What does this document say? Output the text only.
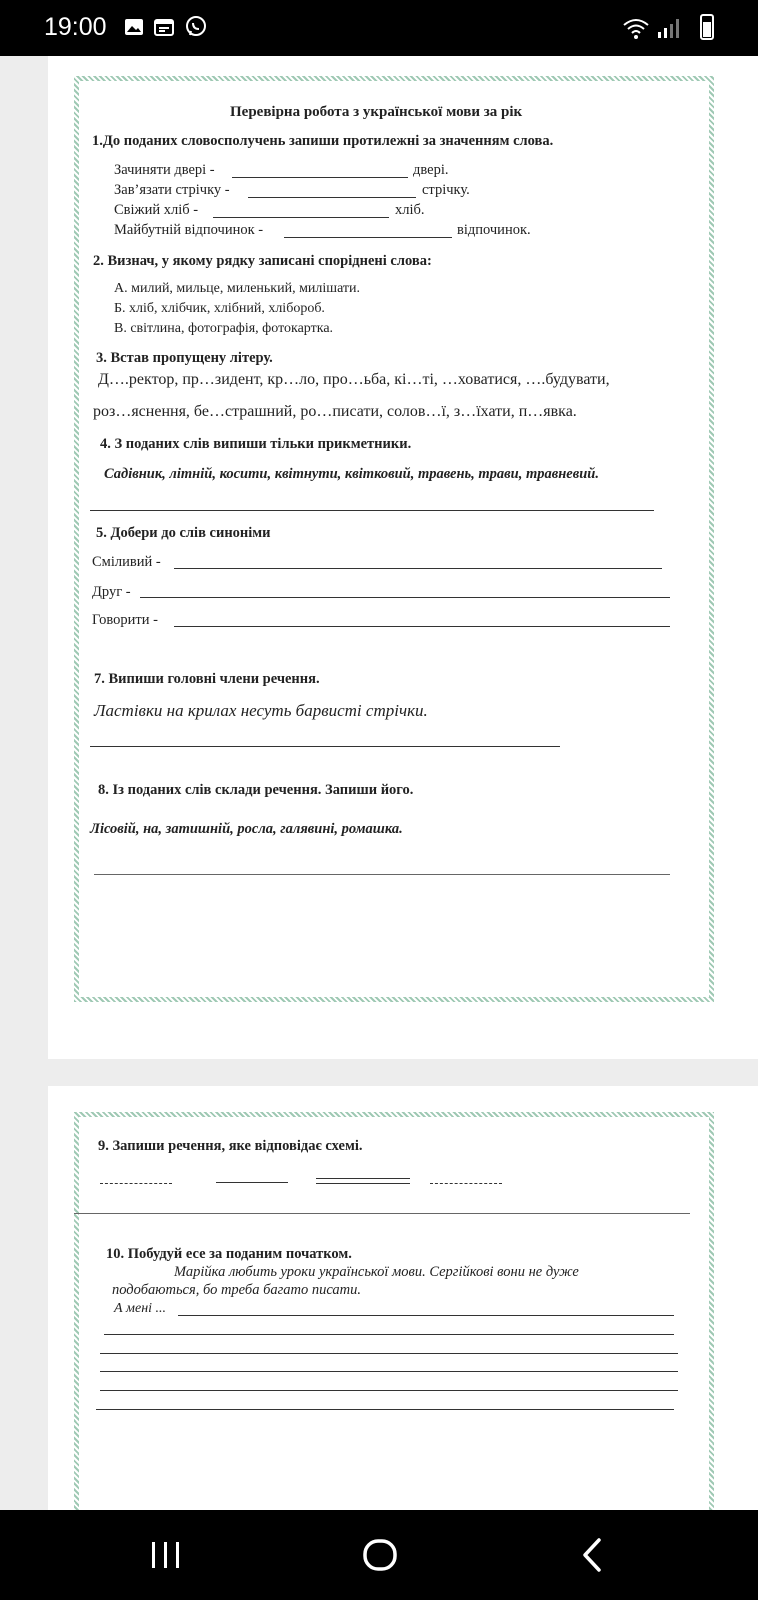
19:00
Перевірна робота з української мови за рік
1.До поданих словосполучень запиши протилежні за значенням слова.
Зачиняти двері -	двері.
Зав’язати стрічку -	стрічку.
Свіжий хліб -	хліб.
Майбутній відпочинок -	відпочинок.
2. Визнач, у якому рядку записані споріднені слова:
А. милий, мильце, миленький, милішати.
Б. хліб, хлібчик, хлібний, хлібороб.
В. світлина, фотографія, фотокартка.
3. Встав пропущену літеру.
Д….ректор, пр…зидент, кр…ло, про…ьба, кі…ті, …ховатися, ….будувати,
роз…яснення, бе…страшний, ро…писати, солов…ї, з…їхати, п…явка.
4. З поданих слів випиши тільки прикметники.
Садівник, літній, косити, квітнути, квітковий, травень, трави, травневий.
5. Добери до слів синоніми
Сміливий -
Друг -
Говорити -
7. Випиши головні члени речення.
Ластівки на крилах несуть барвисті стрічки.
8. Із поданих слів склади речення. Запиши його.
Лісовій, на, затишній, росла, галявині, ромашка.
9. Запиши речення, яке відповідає схемі.
10. Побудуй есе за поданим початком.
Марійка любить уроки української мови. Сергійкові вони не дуже
подобаються, бо треба багато писати.
А мені ...
